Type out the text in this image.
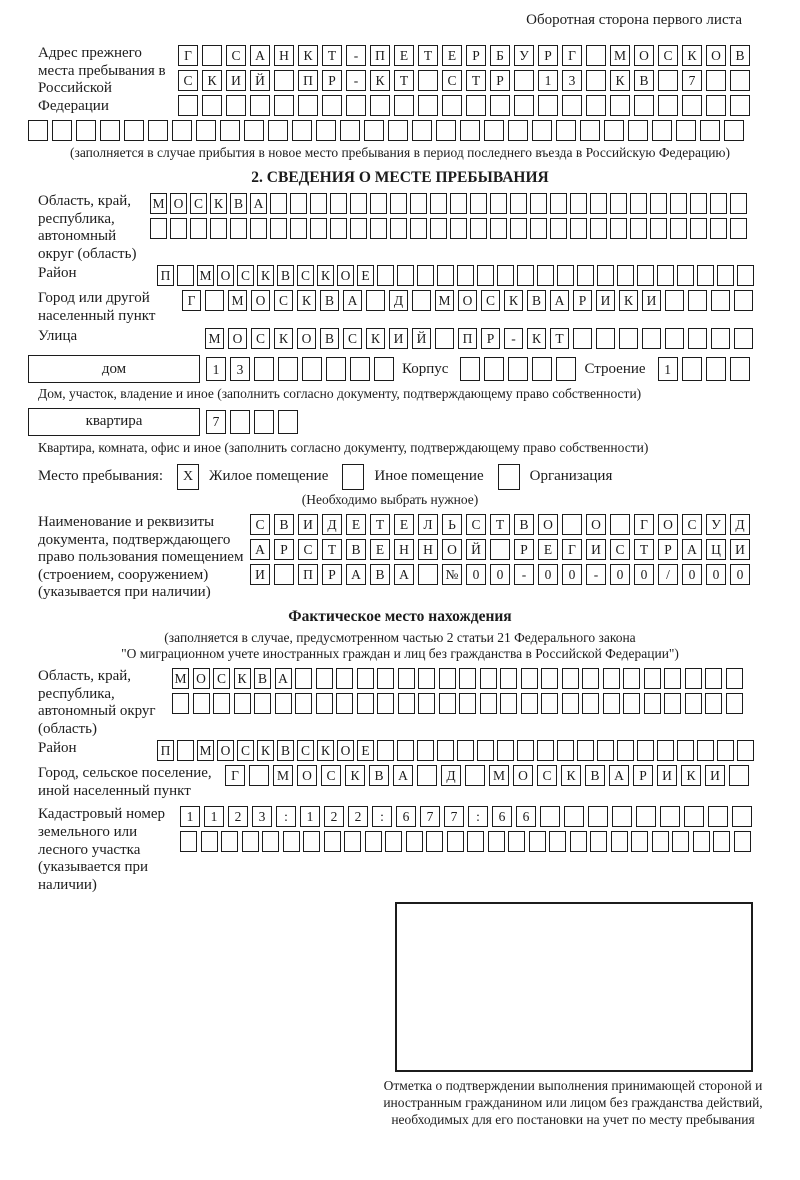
Оборотная сторона первого листа
Адрес прежнего места пребывания в Российской Федерации
Г	С	А	Н	К	Т	-	П	Е	Т	Е	Р	Б	У	Р	Г	М О	С	К	О	В
С	К	И	Й	П	Р	-	К	Т	С	Т	Р	1	3	К	В	7
(заполняется в случае прибытия в новое место пребывания в период последнего въезда в Российскую Федерацию)
2. СВЕДЕНИЯ О МЕСТЕ ПРЕБЫВАНИЯ
Область, край, республика, автономный округ (область)
М О С К В А
Район	П М О С К В С К О Е
Город или другой населенный пункт
Г	М О	С	К	В	А	Д	М О	С	К	В	А	Р	И	К	И
Улица	М О	С	К	О	В	С	К	И Й	П	Р	-	К	Т
дом	1	3	Корпус	Строение	1
Дом, участок, владение и иное (заполнить согласно документу, подтверждающему право собственности)
квартира	7
Квартира, комната, офис и иное (заполнить согласно документу, подтверждающему право собственности)
Место пребывания:	X	Жилое помещение	Иное помещение	Организация
(Необходимо выбрать нужное)
Наименование и реквизиты документа, подтверждающего право пользования помещением (строением, сооружением) (указывается при наличии)
С	В	И	Д	Е	Т	Е	Л	Ь	С	Т	В	О	О	Г	О	С	У	Д
А	Р	С	Т	В	Е	Н	Н	О	Й	Р	Е	Г	И	С	Т	Р	А	Ц	И
И	П	Р	А	В	А	№	0	0	-	0	0	-	0	0	/	0	0	0
Фактическое место нахождения
(заполняется в случае, предусмотренном частью 2 статьи 21 Федерального закона
"О миграционном учете иностранных граждан и лиц без гражданства в Российской Федерации")
Область, край, республика, автономный округ (область)
М О С К В А
Район	П М О С К В С К О Е
Город, сельское поселение, иной населенный пункт
Г	М О	С	К	В	А	Д	М О	С	К	В	А	Р	И	К	И
Кадастровый номер земельного или лесного участка (указывается при наличии)
1	1	2	3	:	1	2	2	:	6	7	7	:	6	6
Отметка о подтверждении выполнения принимающей стороной и иностранным гражданином или лицом без гражданства действий, необходимых для его постановки на учет по месту пребывания
